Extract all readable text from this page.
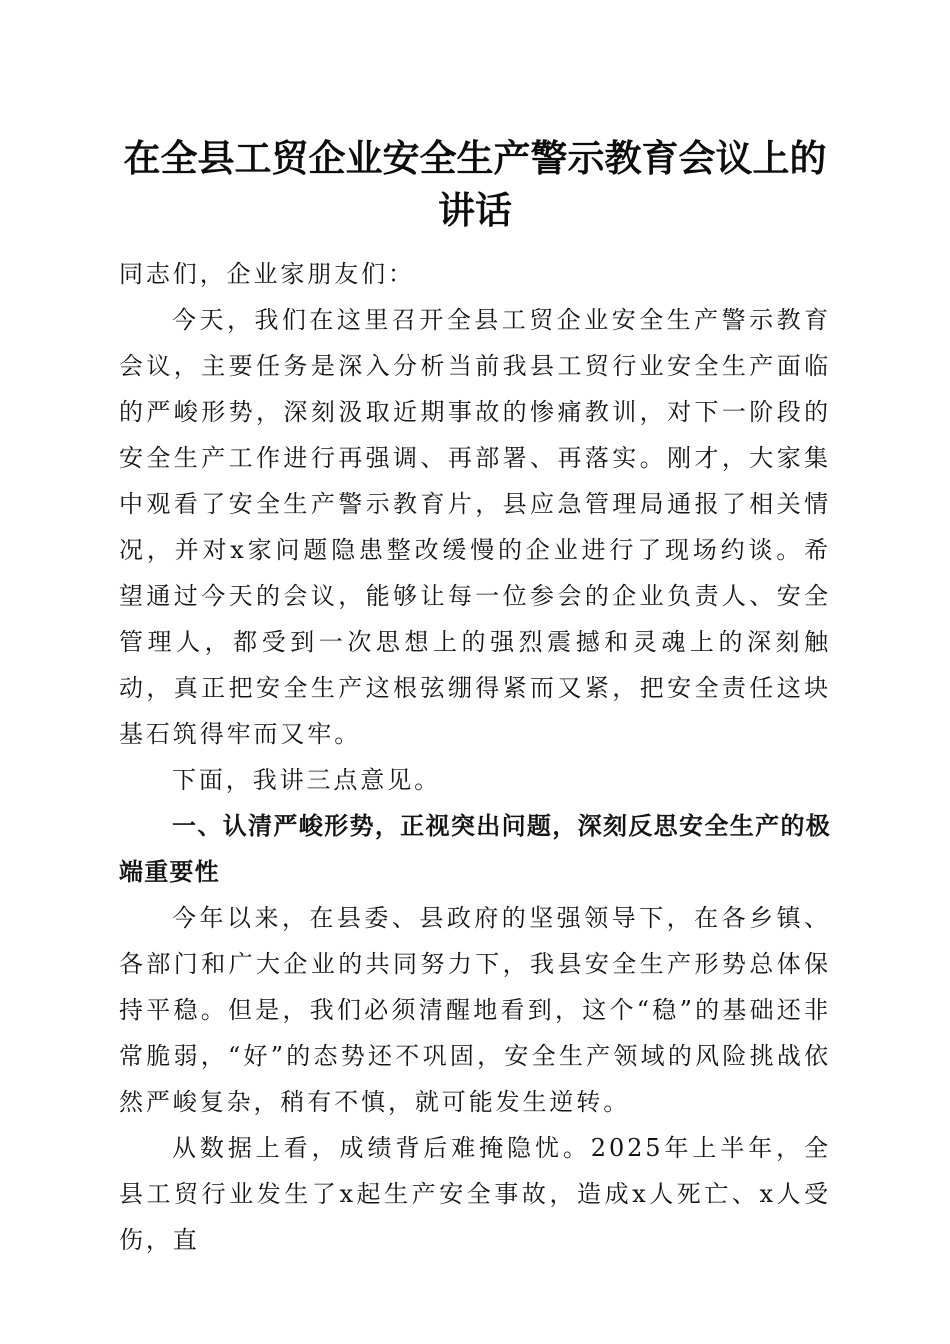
在全县工贸企业安全生产警示教育会议上的讲话

同志们，企业家朋友们：

今天，我们在这里召开全县工贸企业安全生产警示教育会议，主要任务是深入分析当前我县工贸行业安全生产面临的严峻形势，深刻汲取近期事故的惨痛教训，对下一阶段的安全生产工作进行再强调、再部署、再落实。刚才，大家集中观看了安全生产警示教育片，县应急管理局通报了相关情况，并对x家问题隐患整改缓慢的企业进行了现场约谈。希望通过今天的会议，能够让每一位参会的企业负责人、安全管理人，都受到一次思想上的强烈震撼和灵魂上的深刻触动，真正把安全生产这根弦绷得紧而又紧，把安全责任这块基石筑得牢而又牢。

下面，我讲三点意见。

一、认清严峻形势，正视突出问题，深刻反思安全生产的极端重要性

今年以来，在县委、县政府的坚强领导下，在各乡镇、各部门和广大企业的共同努力下，我县安全生产形势总体保持平稳。但是，我们必须清醒地看到，这个“稳”的基础还非常脆弱，“好”的态势还不巩固，安全生产领域的风险挑战依然严峻复杂，稍有不慎，就可能发生逆转。

从数据上看，成绩背后难掩隐忧。2025年上半年，全县工贸行业发生了x起生产安全事故，造成x人死亡、x人受伤，直
